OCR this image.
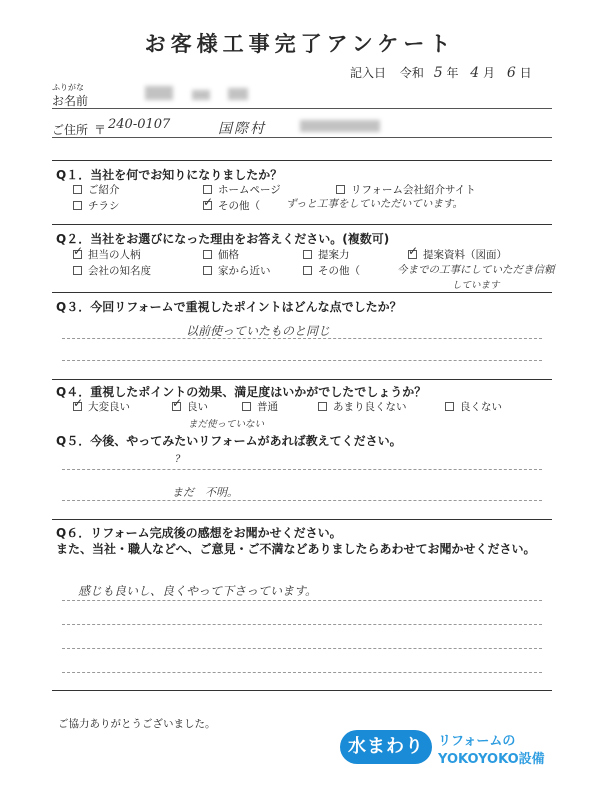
お客様工事完了アンケート
記入日 令和 5 年 4 月 6 日
ふりがな
お名前
ご住所 〒 240-0107	国際村
Q１．当社を何でお知りになりましたか？
ご紹介	ホームページ	リフォーム会社紹介サイト
チラシ ✓	その他（ ずっと工事をしていただいています。
Q２．当社をお選びになった理由をお答えください。(複数可)
✓担当の人柄	価格	提案力 ✓	提案資料（図面）
会社の知名度	家から近い	その他（	今までの工事にしていただき信頼
しています
Q３．今回リフォームで重視したポイントはどんな点でしたか？
以前使っていたものと同じ
Q４．重視したポイントの効果、満足度はいかがでしたでしょうか？
✓大変良い ✓	良い	普通	あまり良くない	良くない
まだ使っていない
Q５．今後、やってみたいリフォームがあれば教えてください。
?
まだ　不明。
Q６．リフォーム完成後の感想をお聞かせください。
また、当社・職人などへ、ご意見・ご不満などありましたらあわせてお聞かせください。
感じも良いし、良くやって下さっています。
ご協力ありがとうございました。
水まわり	リフォームの
YOKOYOKO設備
